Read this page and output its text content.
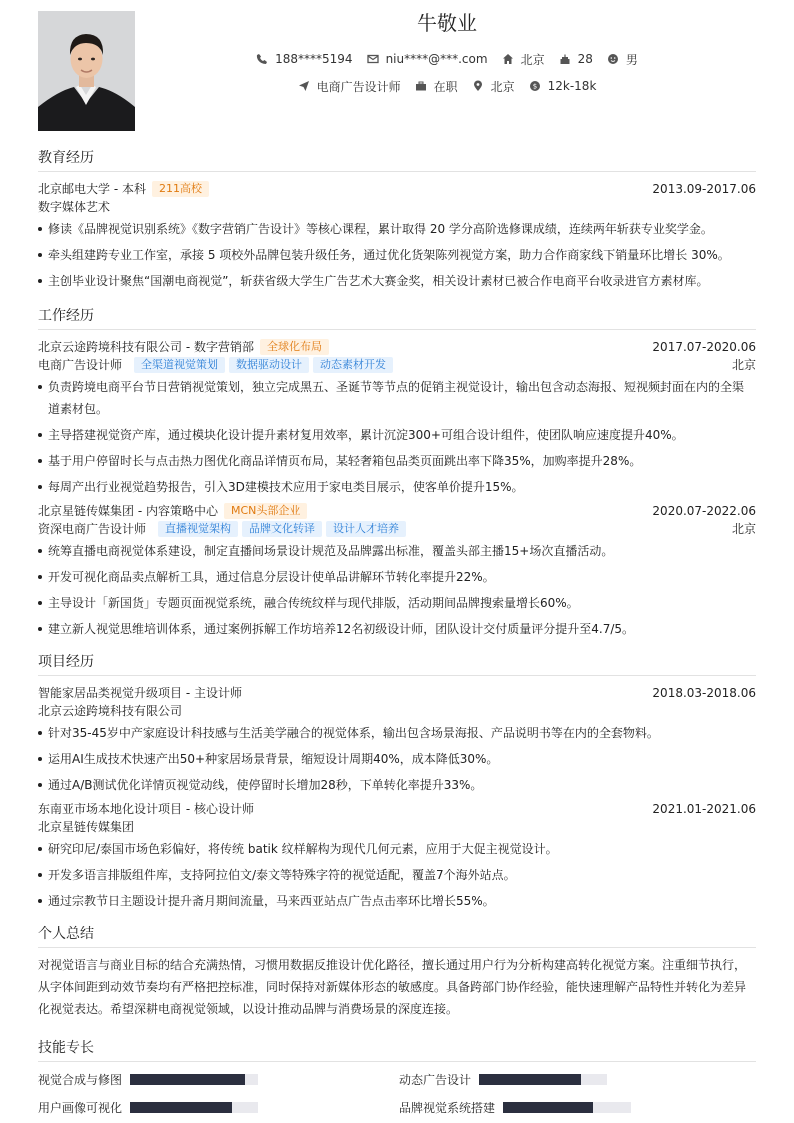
牛敬业
188****5194	niu****@***.com	北京	28	男
电商广告设计师	在职	北京	$ 12k-18k
教育经历
北京邮电大学 - 本科	211高校	2013.09-2017.06
数字媒体艺术
修读《品牌视觉识别系统》《数字营销广告设计》等核心课程，累计取得 20 学分高阶选修课成绩，连续两年斩获专业奖学金。
牵头组建跨专业工作室，承接 5 项校外品牌包装升级任务，通过优化货架陈列视觉方案，助力合作商家线下销量环比增长 30%。
主创毕业设计聚焦“国潮电商视觉”，斩获省级大学生广告艺术大赛金奖，相关设计素材已被合作电商平台收录进官方素材库。
工作经历
北京云途跨境科技有限公司 - 数字营销部	全球化布局	2017.07-2020.06
电商广告设计师	全渠道视觉策划	数据驱动设计	动态素材开发	北京
负责跨境电商平台节日营销视觉策划，独立完成黑五、圣诞节等节点的促销主视觉设计，输出包含动态海报、短视频封面在内的全渠
道素材包。
主导搭建视觉资产库，通过模块化设计提升素材复用效率，累计沉淀300+可组合设计组件，使团队响应速度提升40%。
基于用户停留时长与点击热力图优化商品详情页布局，某轻奢箱包品类页面跳出率下降35%，加购率提升28%。
每周产出行业视觉趋势报告，引入3D建模技术应用于家电类目展示，使客单价提升15%。
北京星链传媒集团 - 内容策略中心	MCN头部企业	2020.07-2022.06
资深电商广告设计师	直播视觉架构	品牌文化转译	设计人才培养	北京
统筹直播电商视觉体系建设，制定直播间场景设计规范及品牌露出标准，覆盖头部主播15+场次直播活动。
开发可视化商品卖点解析工具，通过信息分层设计使单品讲解环节转化率提升22%。
主导设计「新国货」专题页面视觉系统，融合传统纹样与现代排版，活动期间品牌搜索量增长60%。
建立新人视觉思维培训体系，通过案例拆解工作坊培养12名初级设计师，团队设计交付质量评分提升至4.7/5。
项目经历
智能家居品类视觉升级项目 - 主设计师	2018.03-2018.06
北京云途跨境科技有限公司
针对35-45岁中产家庭设计科技感与生活美学融合的视觉体系，输出包含场景海报、产品说明书等在内的全套物料。
运用AI生成技术快速产出50+种家居场景背景，缩短设计周期40%，成本降低30%。
通过A/B测试优化详情页视觉动线，使停留时长增加28秒，下单转化率提升33%。
东南亚市场本地化设计项目 - 核心设计师	2021.01-2021.06
北京星链传媒集团
研究印尼/泰国市场色彩偏好，将传统 batik 纹样解构为现代几何元素，应用于大促主视觉设计。
开发多语言排版组件库，支持阿拉伯文/泰文等特殊字符的视觉适配，覆盖7个海外站点。
通过宗教节日主题设计提升斋月期间流量，马来西亚站点广告点击率环比增长55%。
个人总结
对视觉语言与商业目标的结合充满热情，习惯用数据反推设计优化路径，擅长通过用户行为分析构建高转化视觉方案。注重细节执行，
从字体间距到动效节奏均有严格把控标准，同时保持对新媒体形态的敏感度。具备跨部门协作经验，能快速理解产品特性并转化为差异
化视觉表达。希望深耕电商视觉领域，以设计推动品牌与消费场景的深度连接。
技能专长
视觉合成与修图	动态广告设计
用户画像可视化	品牌视觉系统搭建
